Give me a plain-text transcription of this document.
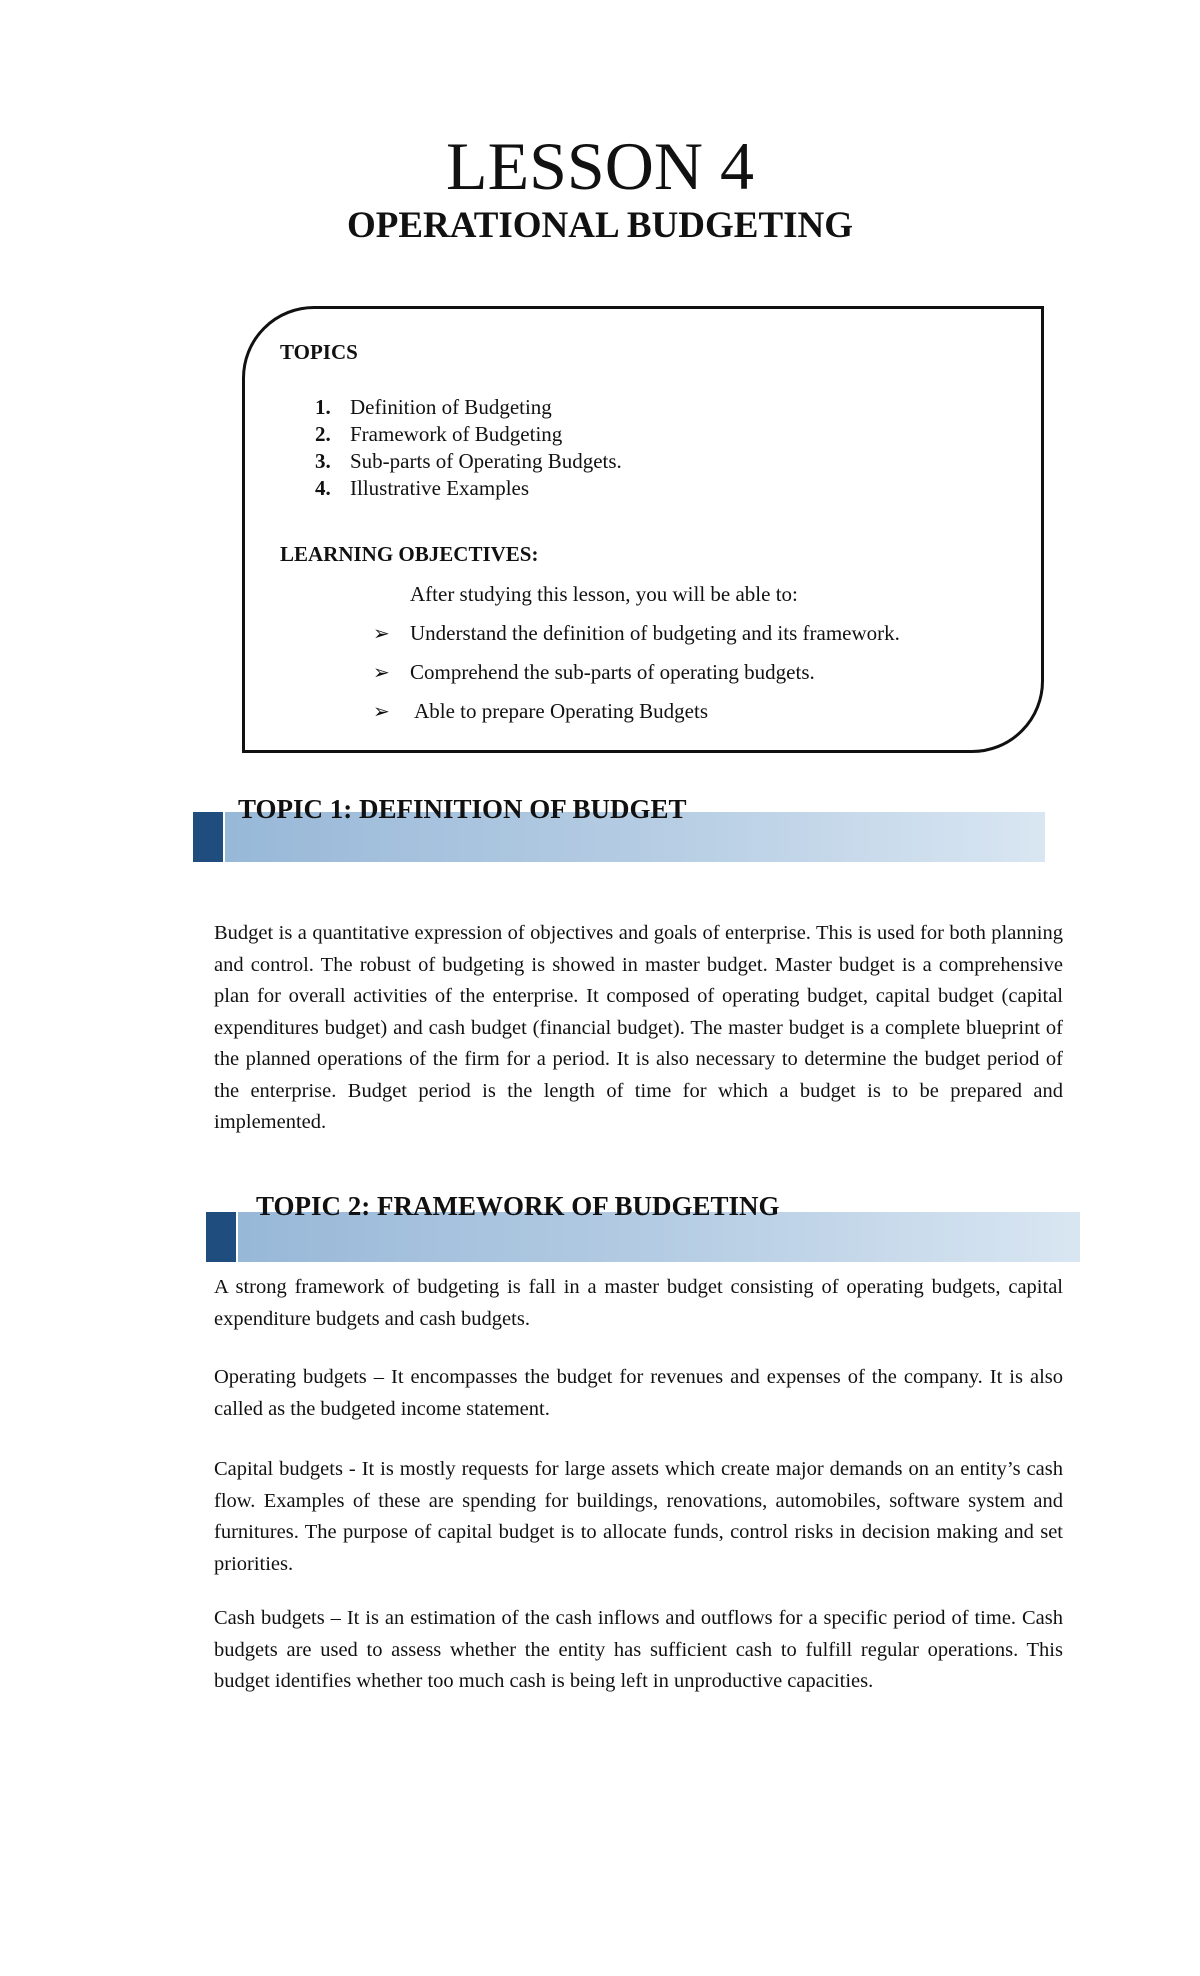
LESSON 4
OPERATIONAL BUDGETING
TOPICS
1. Definition of Budgeting
2. Framework of Budgeting
3. Sub-parts of Operating Budgets.
4. Illustrative Examples
LEARNING OBJECTIVES:
After studying this lesson, you will be able to:
➢ Understand the definition of budgeting and its framework.
➢ Comprehend the sub-parts of operating budgets.
➢ Able to prepare Operating Budgets
TOPIC 1: DEFINITION OF BUDGET

Budget is a quantitative expression of objectives and goals of enterprise. This is used for both planning and control. The robust of budgeting is showed in master budget. Master budget is a comprehensive plan for overall activities of the enterprise. It composed of operating budget, capital budget (capital expenditures budget) and cash budget (financial budget). The master budget is a complete blueprint of the planned operations of the firm for a period. It is also necessary to determine the budget period of the enterprise. Budget period is the length of time for which a budget is to be prepared and implemented.

TOPIC 2: FRAMEWORK OF BUDGETING

A strong framework of budgeting is fall in a master budget consisting of operating budgets, capital expenditure budgets and cash budgets.

Operating budgets – It encompasses the budget for revenues and expenses of the company. It is also called as the budgeted income statement.

Capital budgets - It is mostly requests for large assets which create major demands on an entity’s cash flow. Examples of these are spending for buildings, renovations, automobiles, software system and furnitures. The purpose of capital budget is to allocate funds, control risks in decision making and set priorities.

Cash budgets – It is an estimation of the cash inflows and outflows for a specific period of time. Cash budgets are used to assess whether the entity has sufficient cash to fulfill regular operations. This budget identifies whether too much cash is being left in unproductive capacities.
